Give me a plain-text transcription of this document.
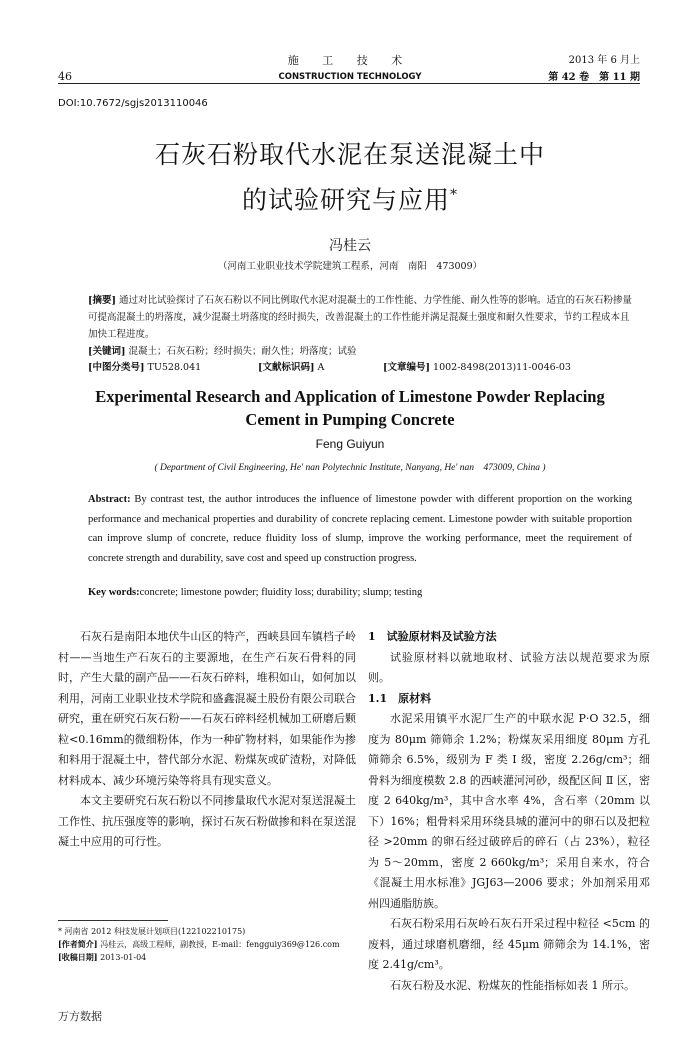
46
施 工 技 术
CONSTRUCTION TECHNOLOGY
2013 年 6 月上
第 42 卷　第 11 期
DOI:10.7672/sgjs2013110046
石灰石粉取代水泥在泵送混凝土中
的试验研究与应用*
冯桂云
（河南工业职业技术学院建筑工程系，河南　南阳　473009）
[摘要] 通过对比试验探讨了石灰石粉以不同比例取代水泥对混凝土的工作性能、力学性能、耐久性等的影响。适宜的石灰石粉掺量可提高混凝土的坍落度，减少混凝土坍落度的经时损失，改善混凝土的工作性能并满足混凝土强度和耐久性要求，节约工程成本且加快工程进度。
[关键词] 混凝土；石灰石粉；经时损失；耐久性；坍落度；试验
[中图分类号] TU528.041	[文献标识码] A	[文章编号] 1002-8498(2013)11-0046-03
Experimental Research and Application of Limestone Powder Replacing
Cement in Pumping Concrete
Feng Guiyun
( Department of Civil Engineering, He' nan Polytechnic Institute, Nanyang, He' nan　473009, China )
Abstract: By contrast test, the author introduces the influence of limestone powder with different proportion on the working performance and mechanical properties and durability of concrete replacing cement. Limestone powder with suitable proportion can improve slump of concrete, reduce fluidity loss of slump, improve the working performance, meet the requirement of concrete strength and durability, save cost and speed up construction progress.
Key words:concrete; limestone powder; fluidity loss; durability; slump; testing

石灰石是南阳本地伏牛山区的特产，西峡县回车镇档子岭村——当地生产石灰石的主要源地，在生产石灰石骨料的同时，产生大量的副产品——石灰石碎料，堆积如山，如何加以利用，河南工业职业技术学院和盛鑫混凝土股份有限公司联合研究，重在研究石灰石粉——石灰石碎料经机械加工研磨后颗粒<0.16mm的微细粉体，作为一种矿物材料，如果能作为掺和料用于混凝土中，替代部分水泥、粉煤灰或矿渣粉，对降低材料成本、减少环境污染等将具有现实意义。

本文主要研究石灰石粉以不同掺量取代水泥对泵送混凝土工作性、抗压强度等的影响，探讨石灰石粉做掺和料在泵送混凝土中应用的可行性。

1　试验原材料及试验方法

试验原材料以就地取材、试验方法以规范要求为原则。

1.1　原材料

水泥采用镇平水泥厂生产的中联水泥 P·O 32.5，细度为 80μm 筛筛余 1.2%；粉煤灰采用细度 80μm 方孔筛筛余 6.5%，级别为 F 类 Ⅰ 级，密度 2.26g/cm³；细骨料为细度模数 2.8 的西峡灌河河砂，级配区间 Ⅱ 区，密度 2 640kg/m³，其中含水率 4%，含石率（20mm 以下）16%；粗骨料采用环绕县城的灌河中的卵石以及把粒径 >20mm 的卵石经过破碎后的碎石（占 23%），粒径为 5～20mm，密度 2 660kg/m³；采用自来水，符合《混凝土用水标准》JGJ63—2006 要求；外加剂采用邓州四通脂肪族。

石灰石粉采用石灰岭石灰石开采过程中粒径 <5cm 的废料，通过球磨机磨细，经 45μm 筛筛余为 14.1%，密度 2.41g/cm³。

石灰石粉及水泥、粉煤灰的性能指标如表 1 所示。

* 河南省 2012 科技发展计划项目(122102210175)
[作者简介] 冯桂云，高级工程师，副教授，E-mail：fengguiy369@126.com
[收稿日期] 2013-01-04
万方数据
